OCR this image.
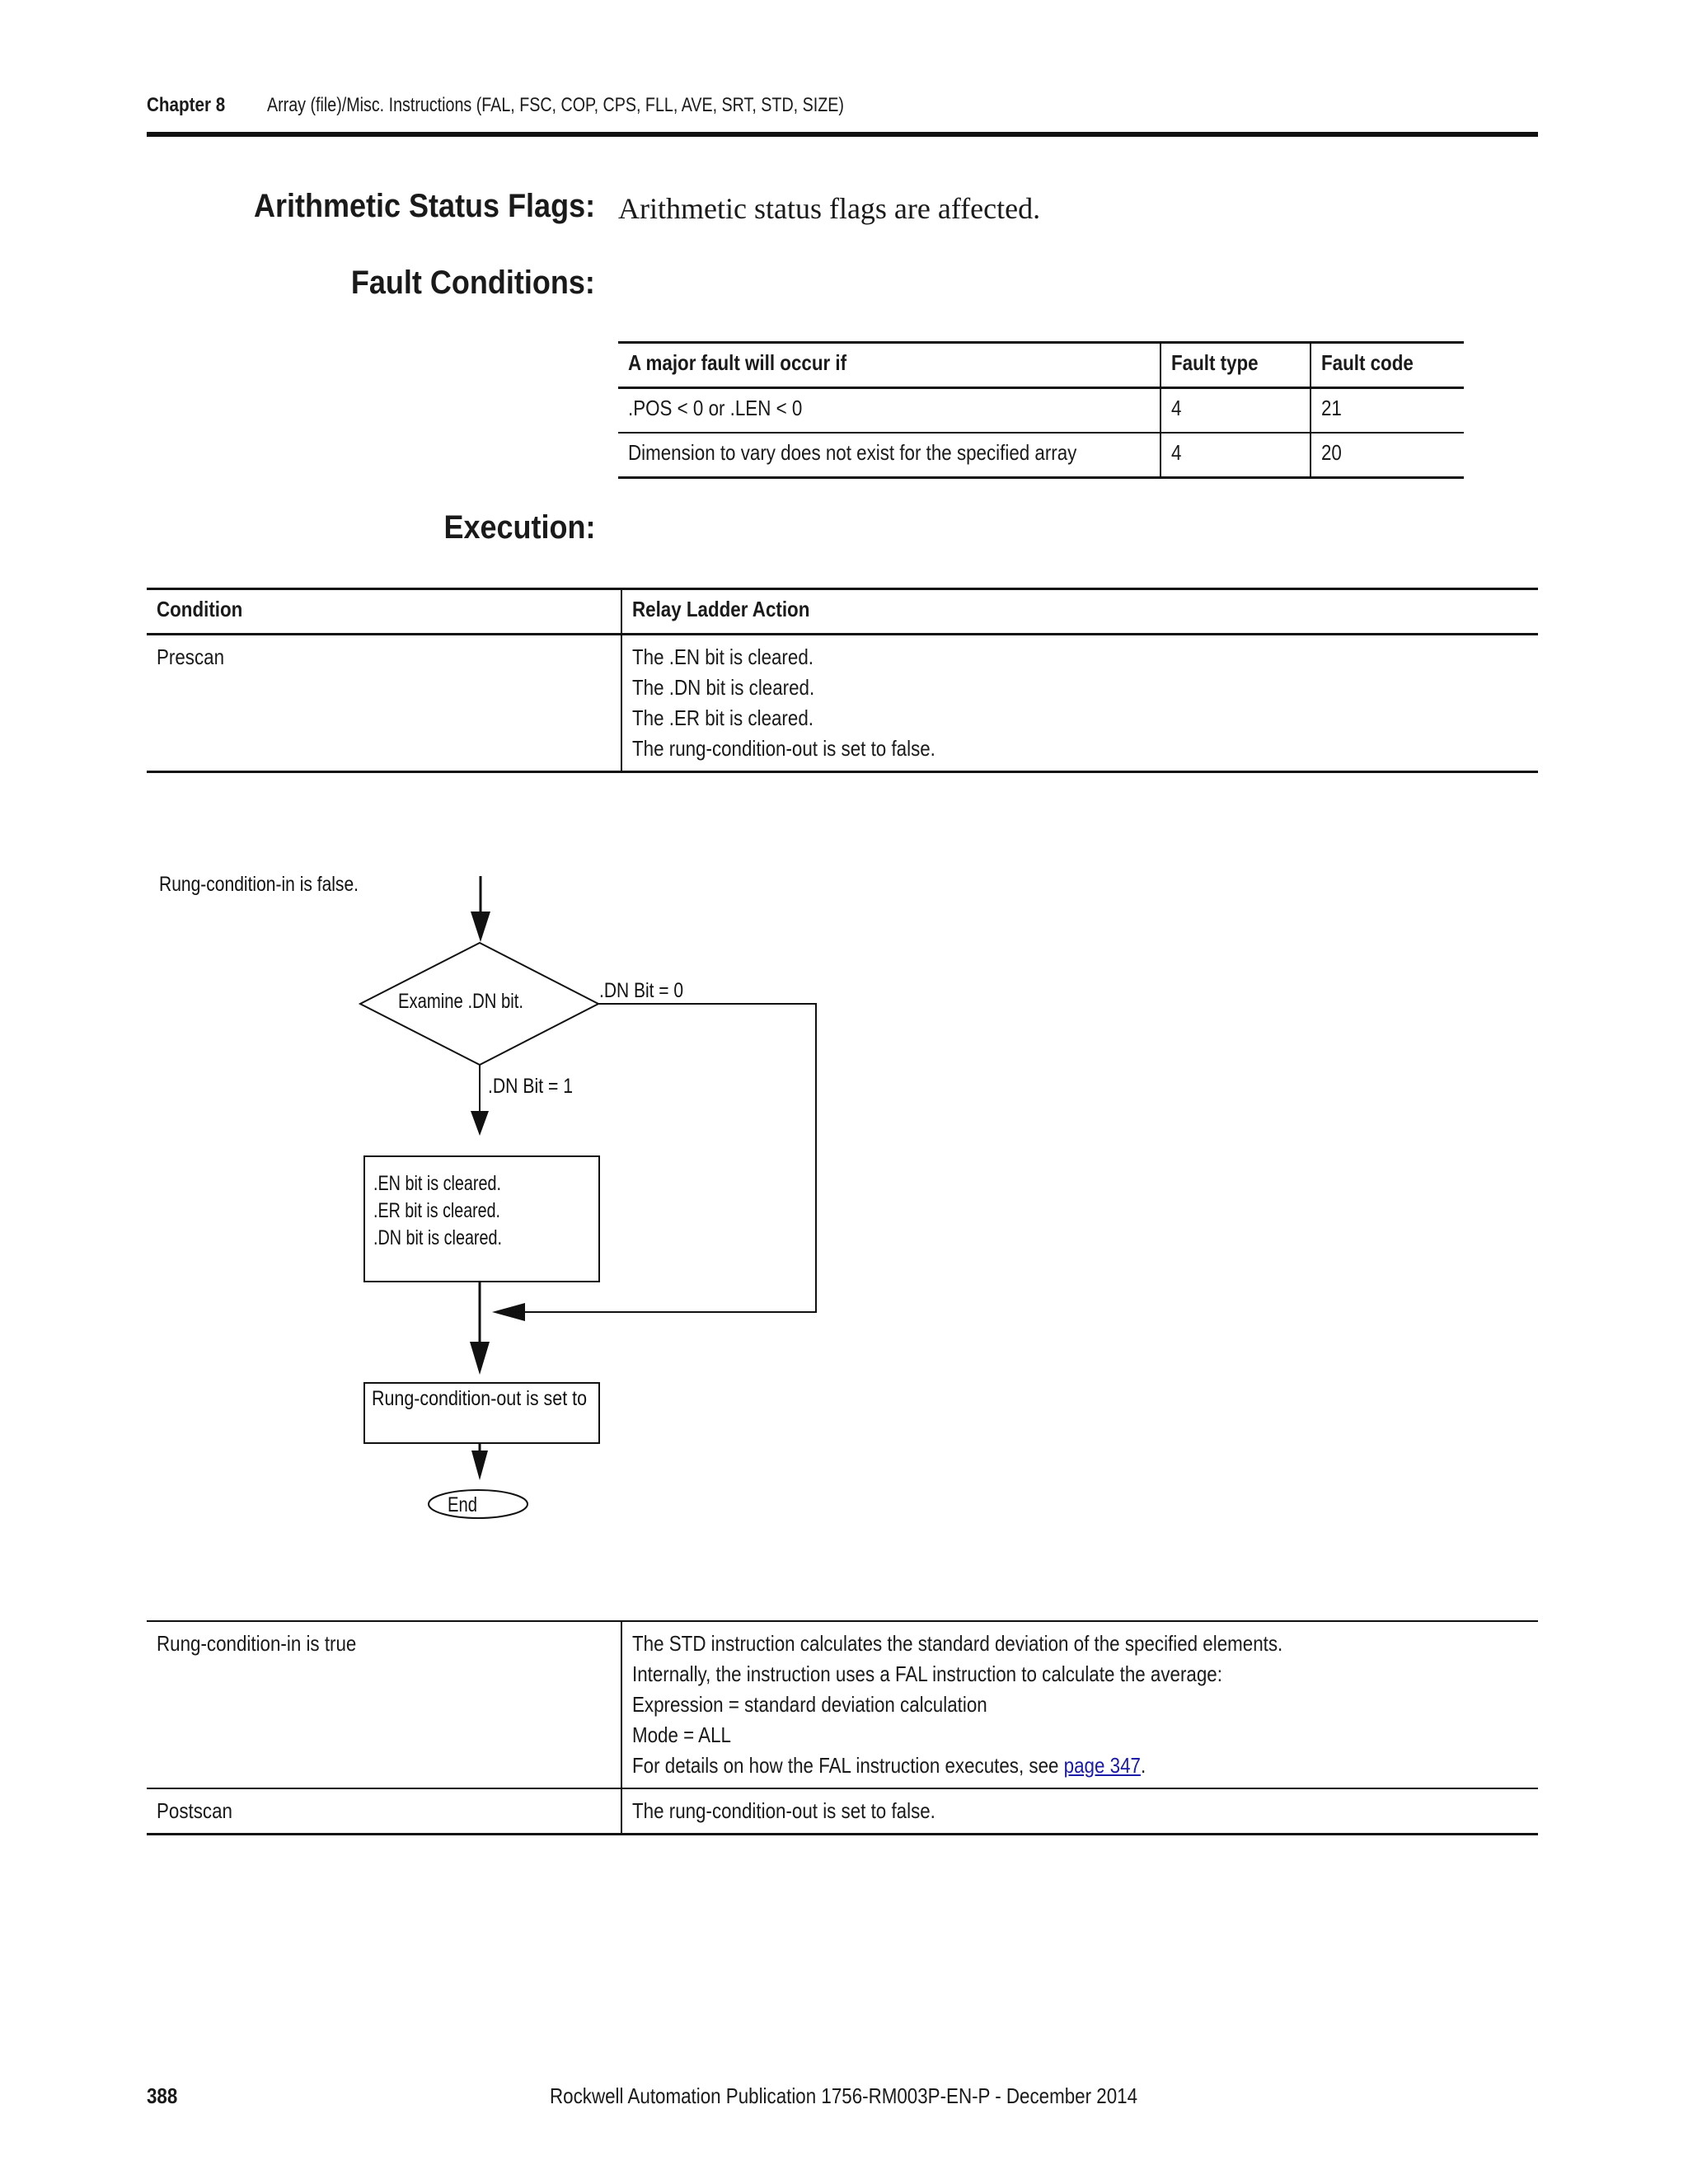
Chapter 8 Array (file)/Misc. Instructions (FAL, FSC, COP, CPS, FLL, AVE, SRT, STD, SIZE)
Arithmetic Status Flags: Arithmetic status flags are affected.
Fault Conditions:
A major fault will occur if	Fault type	Fault code
.POS < 0 or .LEN < 0	4	21
Dimension to vary does not exist for the specified array	4	20
Execution:
Condition	Relay Ladder Action
Prescan	The .EN bit is cleared.
The .DN bit is cleared.
The .ER bit is cleared.
The rung-condition-out is set to false.
Rung-condition-in is false.
Examine .DN bit.	.DN Bit = 0
.DN Bit = 1
.EN bit is cleared.
.ER bit is cleared.
.DN bit is cleared.
Rung-condition-out is set to
End
Rung-condition-in is true	The STD instruction calculates the standard deviation of the specified elements.
Internally, the instruction uses a FAL instruction to calculate the average:
Expression = standard deviation calculation
Mode = ALL
For details on how the FAL instruction executes, see page 347.

Postscan	The rung-condition-out is set to false.
388	Rockwell Automation Publication 1756-RM003P-EN-P - December 2014
